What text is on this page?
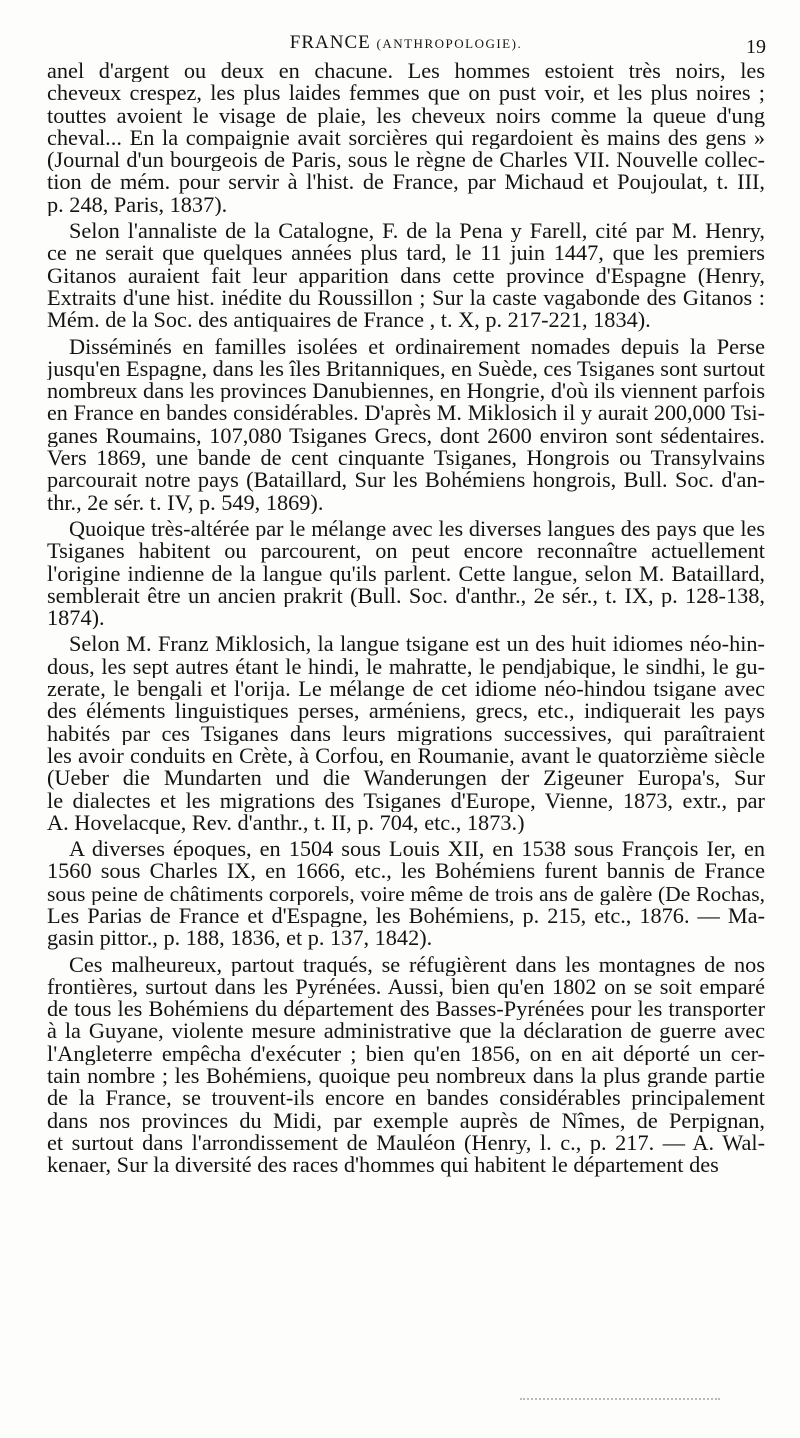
FRANCE (ANTHROPOLOGIE).	19
anel d'argent ou deux en chacune. Les hommes estoient très noirs, les
cheveux crespez, les plus laides femmes que on pust voir, et les plus noires ;
touttes avoient le visage de plaie, les cheveux noirs comme la queue d'ung
cheval... En la compaignie avait sorcières qui regardoient ès mains des gens »
(Journal d'un bourgeois de Paris, sous le règne de Charles VII. Nouvelle collec-
tion de mém. pour servir à l'hist. de France, par Michaud et Poujoulat, t. III,
p. 248, Paris, 1837).
Selon l'annaliste de la Catalogne, F. de la Pena y Farell, cité par M. Henry,
ce ne serait que quelques années plus tard, le 11 juin 1447, que les premiers
Gitanos auraient fait leur apparition dans cette province d'Espagne (Henry,
Extraits d'une hist. inédite du Roussillon ; Sur la caste vagabonde des Gitanos :
Mém. de la Soc. des antiquaires de France , t. X, p. 217-221, 1834).
Disséminés en familles isolées et ordinairement nomades depuis la Perse
jusqu'en Espagne, dans les îles Britanniques, en Suède, ces Tsiganes sont surtout
nombreux dans les provinces Danubiennes, en Hongrie, d'où ils viennent parfois
en France en bandes considérables. D'après M. Miklosich il y aurait 200,000 Tsi-
ganes Roumains, 107,080 Tsiganes Grecs, dont 2600 environ sont sédentaires.
Vers 1869, une bande de cent cinquante Tsiganes, Hongrois ou Transylvains
parcourait notre pays (Bataillard, Sur les Bohémiens hongrois, Bull. Soc. d'an-
thr., 2e sér. t. IV, p. 549, 1869).
Quoique très-altérée par le mélange avec les diverses langues des pays que les
Tsiganes habitent ou parcourent, on peut encore reconnaître actuellement
l'origine indienne de la langue qu'ils parlent. Cette langue, selon M. Bataillard,
semblerait être un ancien prakrit (Bull. Soc. d'anthr., 2e sér., t. IX, p. 128-138,
1874).
Selon M. Franz Miklosich, la langue tsigane est un des huit idiomes néo-hin-
dous, les sept autres étant le hindi, le mahratte, le pendjabique, le sindhi, le gu-
zerate, le bengali et l'orija. Le mélange de cet idiome néo-hindou tsigane avec
des éléments linguistiques perses, arméniens, grecs, etc., indiquerait les pays
habités par ces Tsiganes dans leurs migrations successives, qui paraîtraient
les avoir conduits en Crète, à Corfou, en Roumanie, avant le quatorzième siècle
(Ueber die Mundarten und die Wanderungen der Zigeuner Europa's, Sur
le dialectes et les migrations des Tsiganes d'Europe, Vienne, 1873, extr., par
A. Hovelacque, Rev. d'anthr., t. II, p. 704, etc., 1873.)
A diverses époques, en 1504 sous Louis XII, en 1538 sous François Ier, en
1560 sous Charles IX, en 1666, etc., les Bohémiens furent bannis de France
sous peine de châtiments corporels, voire même de trois ans de galère (De Rochas,
Les Parias de France et d'Espagne, les Bohémiens, p. 215, etc., 1876. — Ma-
gasin pittor., p. 188, 1836, et p. 137, 1842).
Ces malheureux, partout traqués, se réfugièrent dans les montagnes de nos
frontières, surtout dans les Pyrénées. Aussi, bien qu'en 1802 on se soit emparé
de tous les Bohémiens du département des Basses-Pyrénées pour les transporter
à la Guyane, violente mesure administrative que la déclaration de guerre avec
l'Angleterre empêcha d'exécuter ; bien qu'en 1856, on en ait déporté un cer-
tain nombre ; les Bohémiens, quoique peu nombreux dans la plus grande partie
de la France, se trouvent-ils encore en bandes considérables principalement
dans nos provinces du Midi, par exemple auprès de Nîmes, de Perpignan,
et surtout dans l'arrondissement de Mauléon (Henry, l. c., p. 217. — A. Wal-
kenaer, Sur la diversité des races d'hommes qui habitent le département des
